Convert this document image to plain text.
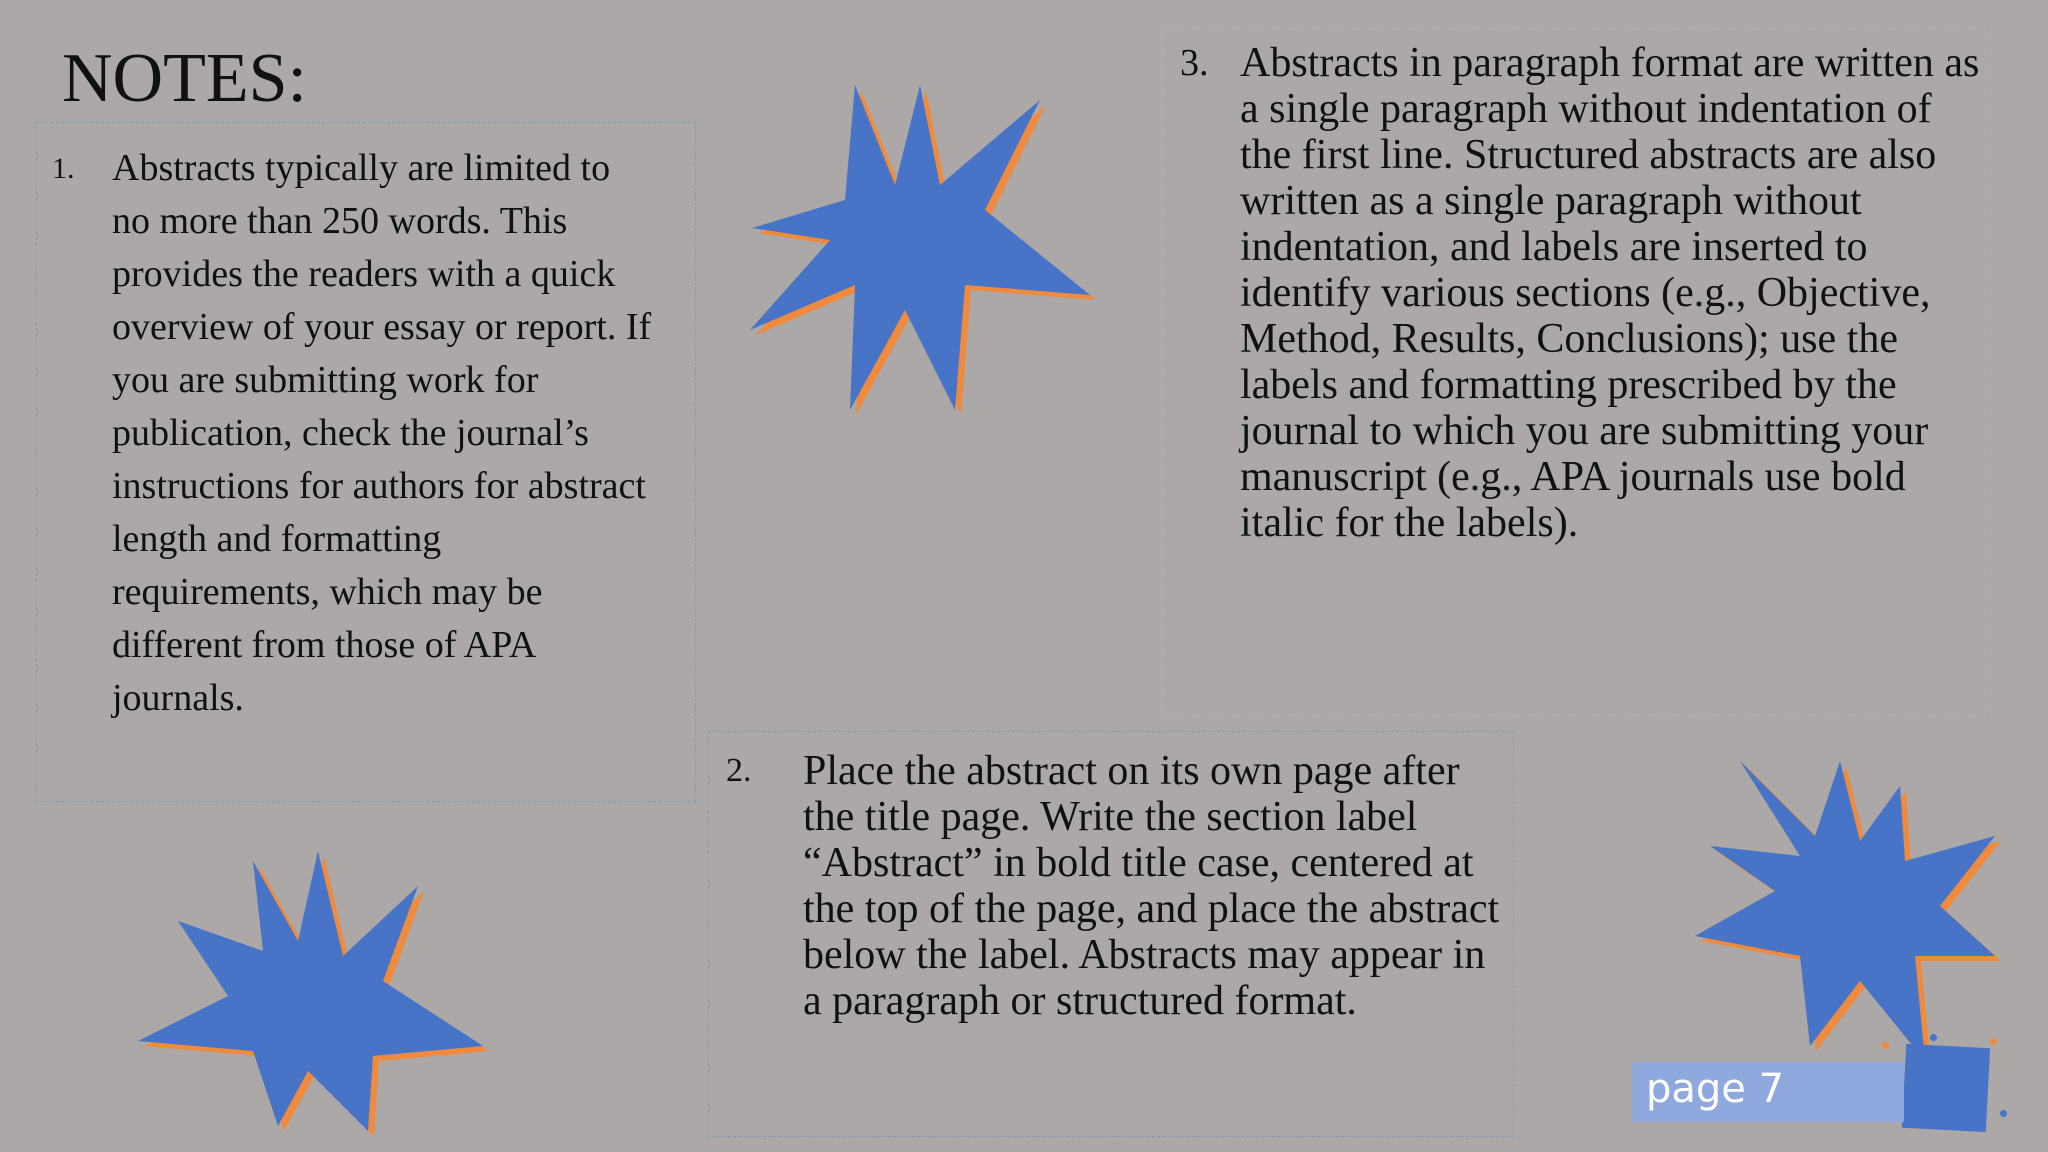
NOTES:
1. Abstracts typically are limited to no more than 250 words. This provides the readers with a quick overview of your essay or report. If you are submitting work for publication, check the journal’s instructions for authors for abstract length and formatting requirements, which may be different from those of APA journals.
2.	Place the abstract on its own page after the title page. Write the section label “Abstract” in bold title case, centered at the top of the page, and place the abstract below the label. Abstracts may appear in a paragraph or structured format.
3. Abstracts in paragraph format are written as a single paragraph without indentation of the first line. Structured abstracts are also written as a single paragraph without indentation, and labels are inserted to identify various sections (e.g., Objective, Method, Results, Conclusions); use the labels and formatting prescribed by the journal to which you are submitting your manuscript (e.g., APA journals use bold italic for the labels).
page 7
